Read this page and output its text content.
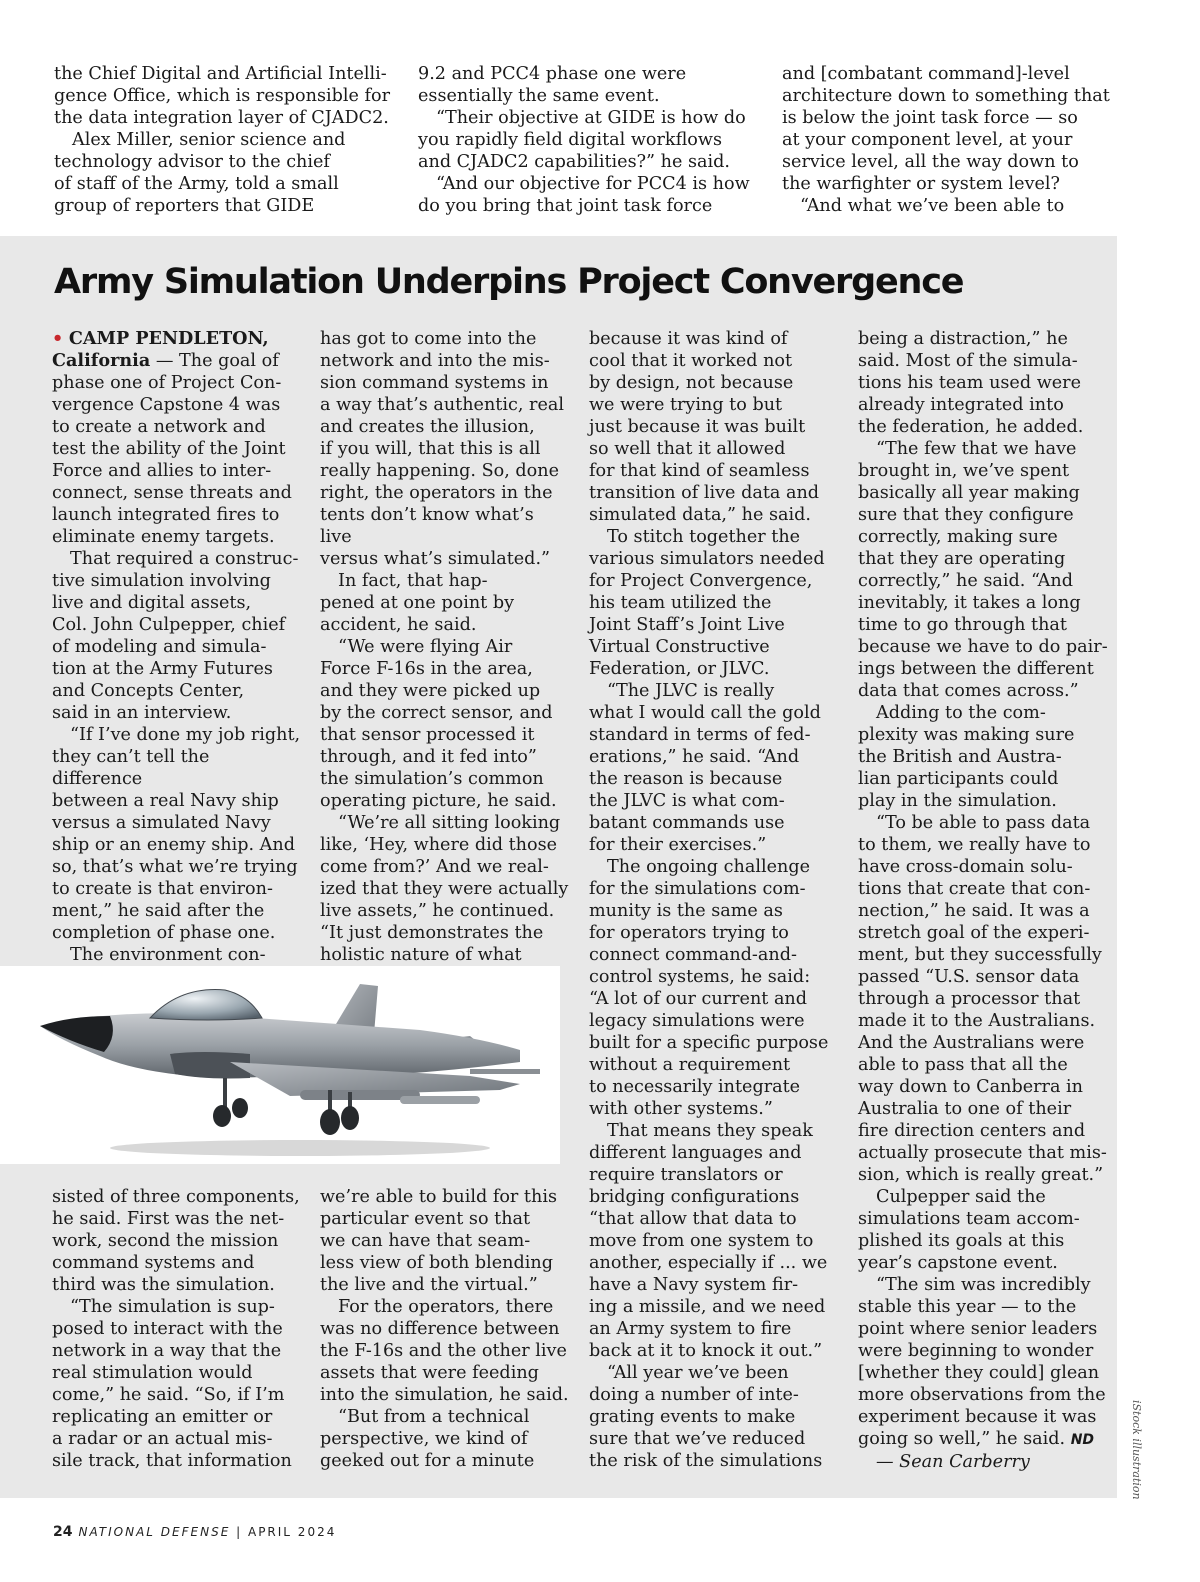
the Chief Digital and Artificial Intelli-

gence Office, which is responsible for

the data integration layer of CJADC2.

Alex Miller, senior science and

technology advisor to the chief

of staff of the Army, told a small

group of reporters that GIDE

9.2 and PCC4 phase one were

essentially the same event.

“Their objective at GIDE is how do

you rapidly field digital workflows

and CJADC2 capabilities?” he said.

“And our objective for PCC4 is how

do you bring that joint task force

and [combatant command]-level

architecture down to something that

is below the joint task force — so

at your component level, at your

service level, all the way down to

the warfighter or system level?

“And what we’ve been able to

Army Simulation Underpins Project Convergence

• CAMP PENDLETON, California — The goal of

phase one of Project Con-

vergence Capstone 4 was

to create a network and

test the ability of the Joint

Force and allies to inter-

connect, sense threats and

launch integrated fires to

eliminate enemy targets.

That required a construc-

tive simulation involving

live and digital assets,

Col. John Culpepper, chief

of modeling and simula-

tion at the Army Futures

and Concepts Center,

said in an interview.

“If I’ve done my job right,

they can’t tell the difference

between a real Navy ship

versus a simulated Navy

ship or an enemy ship. And

so, that’s what we’re trying

to create is that environ-

ment,” he said after the

completion of phase one.

The environment con-

has got to come into the

network and into the mis-

sion command systems in

a way that’s authentic, real

and creates the illusion,

if you will, that this is all

really happening. So, done

right, the operators in the

tents don’t know what’s live

versus what’s simulated.”

In fact, that hap-

pened at one point by

accident, he said.

“We were flying Air

Force F-16s in the area,

and they were picked up

by the correct sensor, and

that sensor processed it

through, and it fed into”

the simulation’s common

operating picture, he said.

“We’re all sitting looking

like, ‘Hey, where did those

come from?’ And we real-

ized that they were actually

live assets,” he continued.

“It just demonstrates the

holistic nature of what

sisted of three components,

he said. First was the net-

work, second the mission

command systems and

third was the simulation.

“The simulation is sup-

posed to interact with the

network in a way that the

real stimulation would

come,” he said. “So, if I’m

replicating an emitter or

a radar or an actual mis-

sile track, that information

we’re able to build for this

particular event so that

we can have that seam-

less view of both blending

the live and the virtual.”

For the operators, there

was no difference between

the F-16s and the other live

assets that were feeding

into the simulation, he said.

“But from a technical

perspective, we kind of

geeked out for a minute

because it was kind of

cool that it worked not

by design, not because

we were trying to but

just because it was built

so well that it allowed

for that kind of seamless

transition of live data and

simulated data,” he said.

To stitch together the

various simulators needed

for Project Convergence,

his team utilized the

Joint Staff’s Joint Live

Virtual Constructive

Federation, or JLVC.

“The JLVC is really

what I would call the gold

standard in terms of fed-

erations,” he said. “And

the reason is because

the JLVC is what com-

batant commands use

for their exercises.”

The ongoing challenge

for the simulations com-

munity is the same as

for operators trying to

connect command-and-

control systems, he said:

“A lot of our current and

legacy simulations were

built for a specific purpose

without a requirement

to necessarily integrate

with other systems.”

That means they speak

different languages and

require translators or

bridging configurations

“that allow that data to

move from one system to

another, especially if ... we

have a Navy system fir-

ing a missile, and we need

an Army system to fire

back at it to knock it out.”

“All year we’ve been

doing a number of inte-

grating events to make

sure that we’ve reduced

the risk of the simulations

being a distraction,” he

said. Most of the simula-

tions his team used were

already integrated into

the federation, he added.

“The few that we have

brought in, we’ve spent

basically all year making

sure that they configure

correctly, making sure

that they are operating

correctly,” he said. “And

inevitably, it takes a long

time to go through that

because we have to do pair-

ings between the different

data that comes across.”

Adding to the com-

plexity was making sure

the British and Austra-

lian participants could

play in the simulation.

“To be able to pass data

to them, we really have to

have cross-domain solu-

tions that create that con-

nection,” he said. It was a

stretch goal of the experi-

ment, but they successfully

passed “U.S. sensor data

through a processor that

made it to the Australians.

And the Australians were

able to pass that all the

way down to Canberra in

Australia to one of their

fire direction centers and

actually prosecute that mis-

sion, which is really great.”

Culpepper said the

simulations team accom-

plished its goals at this

year’s capstone event.

“The sim was incredibly

stable this year — to the

point where senior leaders

were beginning to wonder

[whether they could] glean

more observations from the

experiment because it was

going so well,” he said. ND

— Sean Carberry	iStock illustration
24 NATIONAL DEFENSE | APRIL 2024
